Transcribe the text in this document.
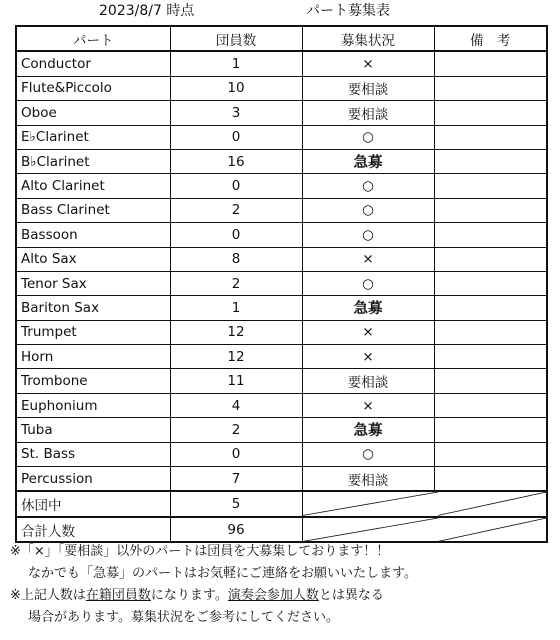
2023/8/7 時点	パート募集表
パート	団員数	募集状況	備　考
Conductor	1	×	
Flute&Piccolo	10	要相談	
Oboe	3	要相談	
E♭Clarinet	0	○	
B♭Clarinet	16	急募	
Alto Clarinet	0	○	
Bass Clarinet	2	○	
Bassoon	0	○	
Alto Sax	8	×	
Tenor Sax	2	○	
Bariton Sax	1	急募	
Trumpet	12	×	
Horn	12	×	
Trombone	11	要相談	
Euphonium	4	×	
Tuba	2	急募	
St. Bass	0	○	
Percussion	7	要相談	
休団中	5	

合計人数	96	

※「×」「要相談」以外のパートは団員を大募集しております！！

なかでも「急募」のパートはお気軽にご連絡をお願いいたします。

※上記人数は在籍団員数になります。演奏会参加人数とは異なる

場合があります。募集状況をご参考にしてください。
